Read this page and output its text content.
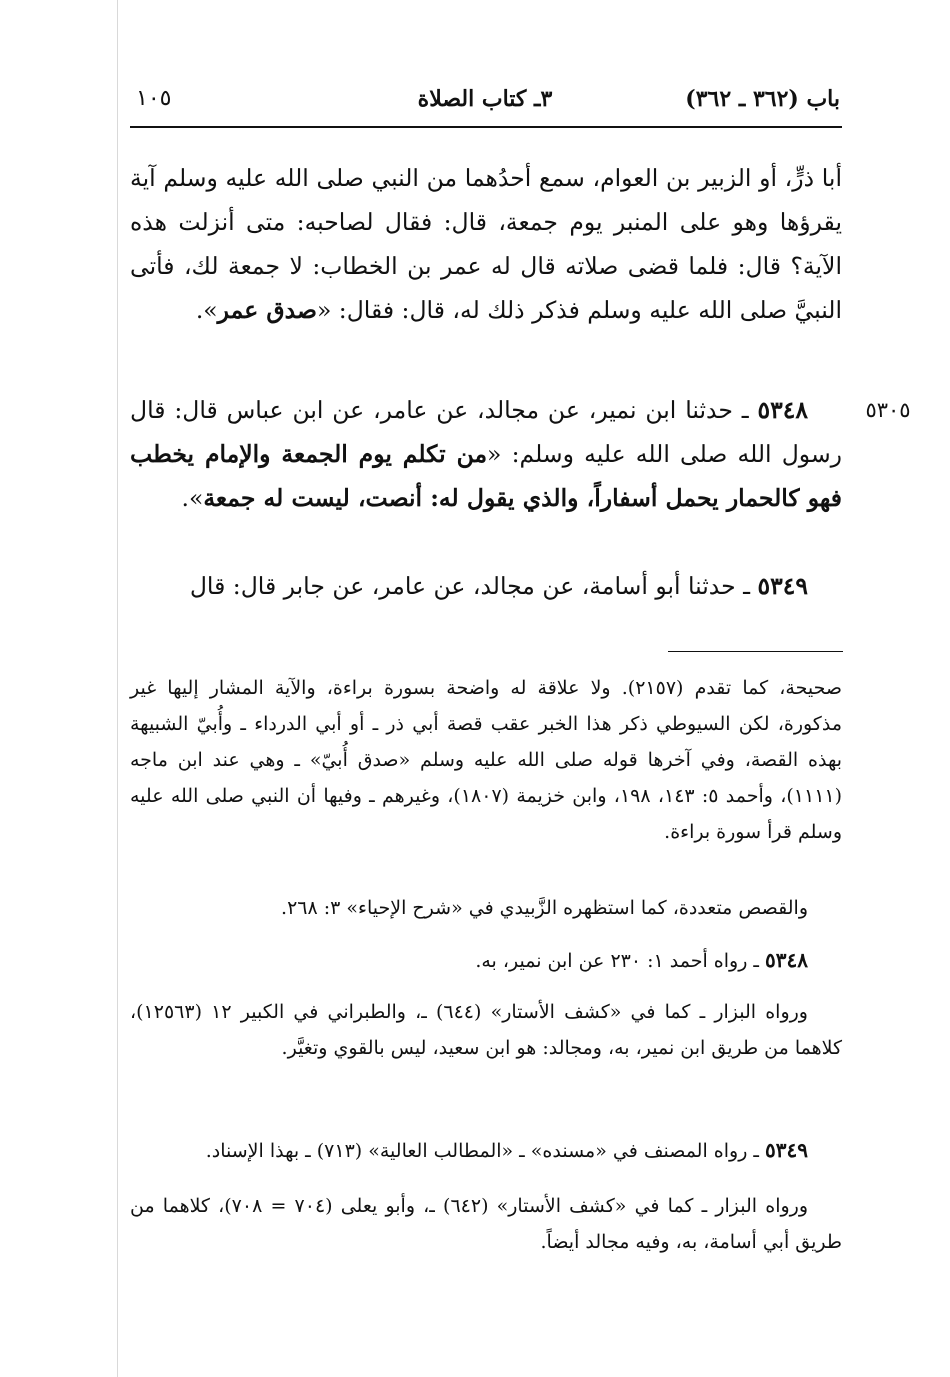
باب (٣٦٢ ـ ٣٦٢)
٣ـ كتاب الصلاة
١٠٥
أبا ذرٍّ، أو الزبير بن العوام، سمع أحدُهما من النبي صلى الله عليه وسلم آية يقرؤها وهو على المنبر يوم جمعة، قال: فقال لصاحبه: متى أنزلت هذه الآية؟ قال: فلما قضى صلاته قال له عمر بن الخطاب: لا جمعة لك، فأتى النبيَّ صلى الله عليه وسلم فذكر ذلك له، قال: فقال: «صدق عمر».
٥٣٠٥
٥٣٤٨ ـ حدثنا ابن نمير، عن مجالد، عن عامر، عن ابن عباس قال: قال رسول الله صلى الله عليه وسلم: «من تكلم يوم الجمعة والإمام يخطب فهو كالحمار يحمل أسفاراً، والذي يقول له: أنصت، ليست له جمعة».
٥٣٤٩ ـ حدثنا أبو أسامة، عن مجالد، عن عامر، عن جابر قال: قال
صحيحة، كما تقدم (٢١٥٧). ولا علاقة له واضحة بسورة براءة، والآية المشار إليها غير مذكورة، لكن السيوطي ذكر هذا الخبر عقب قصة أبي ذر ـ أو أبي الدرداء ـ وأُبيّ الشبيهة بهذه القصة، وفي آخرها قوله صلى الله عليه وسلم «صدق أُبيّ» ـ وهي عند ابن ماجه (١١١١)، وأحمد ٥: ١٤٣، ١٩٨، وابن خزيمة (١٨٠٧)، وغيرهم ـ وفيها أن النبي صلى الله عليه وسلم قرأ سورة براءة.
والقصص متعددة، كما استظهره الزَّبيدي في «شرح الإحياء» ٣: ٢٦٨.
٥٣٤٨ ـ رواه أحمد ١: ٢٣٠ عن ابن نمير، به.
ورواه البزار ـ كما في «كشف الأستار» (٦٤٤) ـ، والطبراني في الكبير ١٢ (١٢٥٦٣)، كلاهما من طريق ابن نمير، به، ومجالد: هو ابن سعيد، ليس بالقوي وتغيَّر.
٥٣٤٩ ـ رواه المصنف في «مسنده» ـ «المطالب العالية» (٧١٣) ـ بهذا الإسناد.
ورواه البزار ـ كما في «كشف الأستار» (٦٤٢) ـ، وأبو يعلى (٧٠٤ = ٧٠٨)، كلاهما من طريق أبي أسامة، به، وفيه مجالد أيضاً.
